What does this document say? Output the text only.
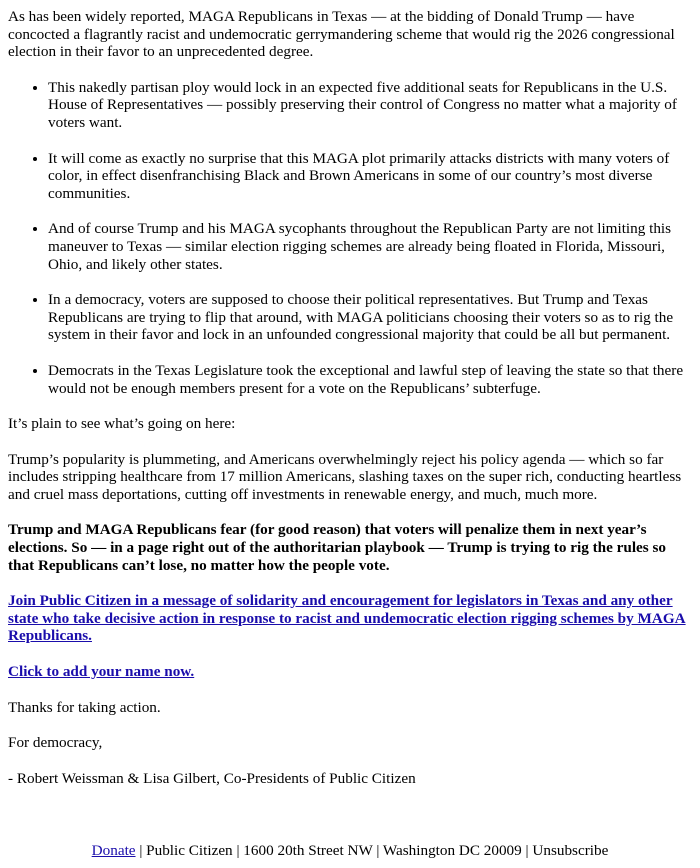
As has been widely reported, MAGA Republicans in Texas — at the bidding of Donald Trump — have concocted a flagrantly racist and undemocratic gerrymandering scheme that would rig the 2026 congressional election in their favor to an unprecedented degree.

• This nakedly partisan ploy would lock in an expected five additional seats for Republicans in the U.S. House of Representatives — possibly preserving their control of Congress no matter what a majority of voters want.
• It will come as exactly no surprise that this MAGA plot primarily attacks districts with many voters of color, in effect disenfranchising Black and Brown Americans in some of our country’s most diverse communities.
• And of course Trump and his MAGA sycophants throughout the Republican Party are not limiting this maneuver to Texas — similar election rigging schemes are already being floated in Florida, Missouri, Ohio, and likely other states.
• In a democracy, voters are supposed to choose their political representatives. But Trump and Texas Republicans are trying to flip that around, with MAGA politicians choosing their voters so as to rig the system in their favor and lock in an unfounded congressional majority that could be all but permanent.
• Democrats in the Texas Legislature took the exceptional and lawful step of leaving the state so that there would not be enough members present for a vote on the Republicans’ subterfuge.

It’s plain to see what’s going on here:

Trump’s popularity is plummeting, and Americans overwhelmingly reject his policy agenda — which so far includes stripping healthcare from 17 million Americans, slashing taxes on the super rich, conducting heartless and cruel mass deportations, cutting off investments in renewable energy, and much, much more.

Trump and MAGA Republicans fear (for good reason) that voters will penalize them in next year’s elections. So — in a page right out of the authoritarian playbook — Trump is trying to rig the rules so that Republicans can’t lose, no matter how the people vote.

Join Public Citizen in a message of solidarity and encouragement for legislators in Texas and any other state who take decisive action in response to racist and undemocratic election rigging schemes by MAGA Republicans.

Click to add your name now.

Thanks for taking action.

For democracy,

- Robert Weissman & Lisa Gilbert, Co-Presidents of Public Citizen

Donate | Public Citizen | 1600 20th Street NW | Washington DC 20009 | Unsubscribe
